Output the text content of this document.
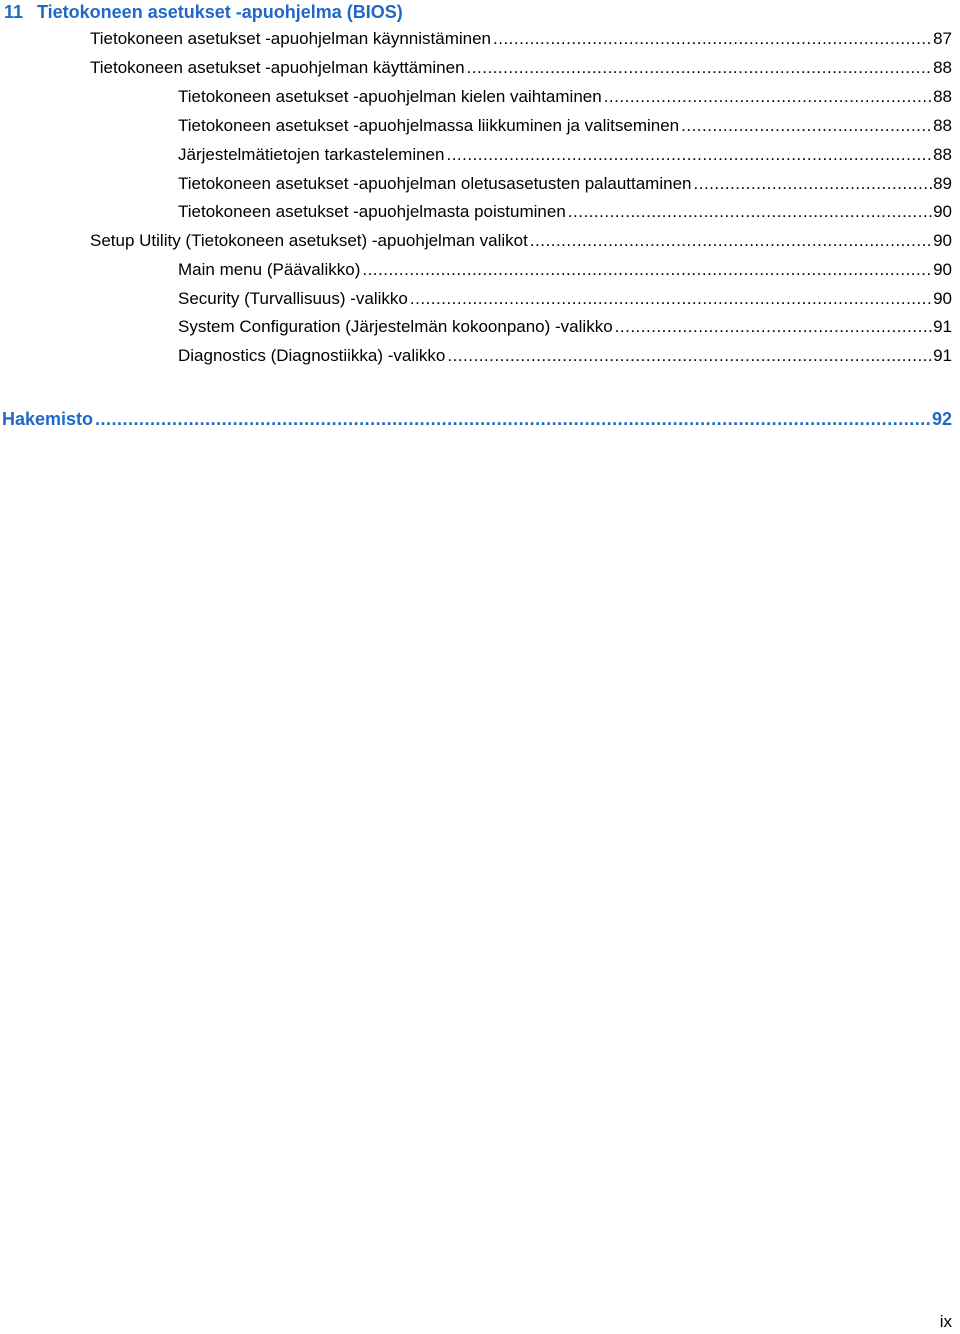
11 Tietokoneen asetukset -apuohjelma (BIOS)
Tietokoneen asetukset -apuohjelman käynnistäminen .....	87
Tietokoneen asetukset -apuohjelman käyttäminen .....	88
Tietokoneen asetukset -apuohjelman kielen vaihtaminen .....	88
Tietokoneen asetukset -apuohjelmassa liikkuminen ja valitseminen .....	88
Järjestelmätietojen tarkasteleminen .....	88
Tietokoneen asetukset -apuohjelman oletusasetusten palauttaminen .....	89
Tietokoneen asetukset -apuohjelmasta poistuminen .....	90
Setup Utility (Tietokoneen asetukset) -apuohjelman valikot .....	90
Main menu (Päävalikko) .....	90
Security (Turvallisuus) -valikko .....	90
System Configuration (Järjestelmän kokoonpano) -valikko .....	91
Diagnostics (Diagnostiikka) -valikko .....	91
Hakemisto .....	92
ix
